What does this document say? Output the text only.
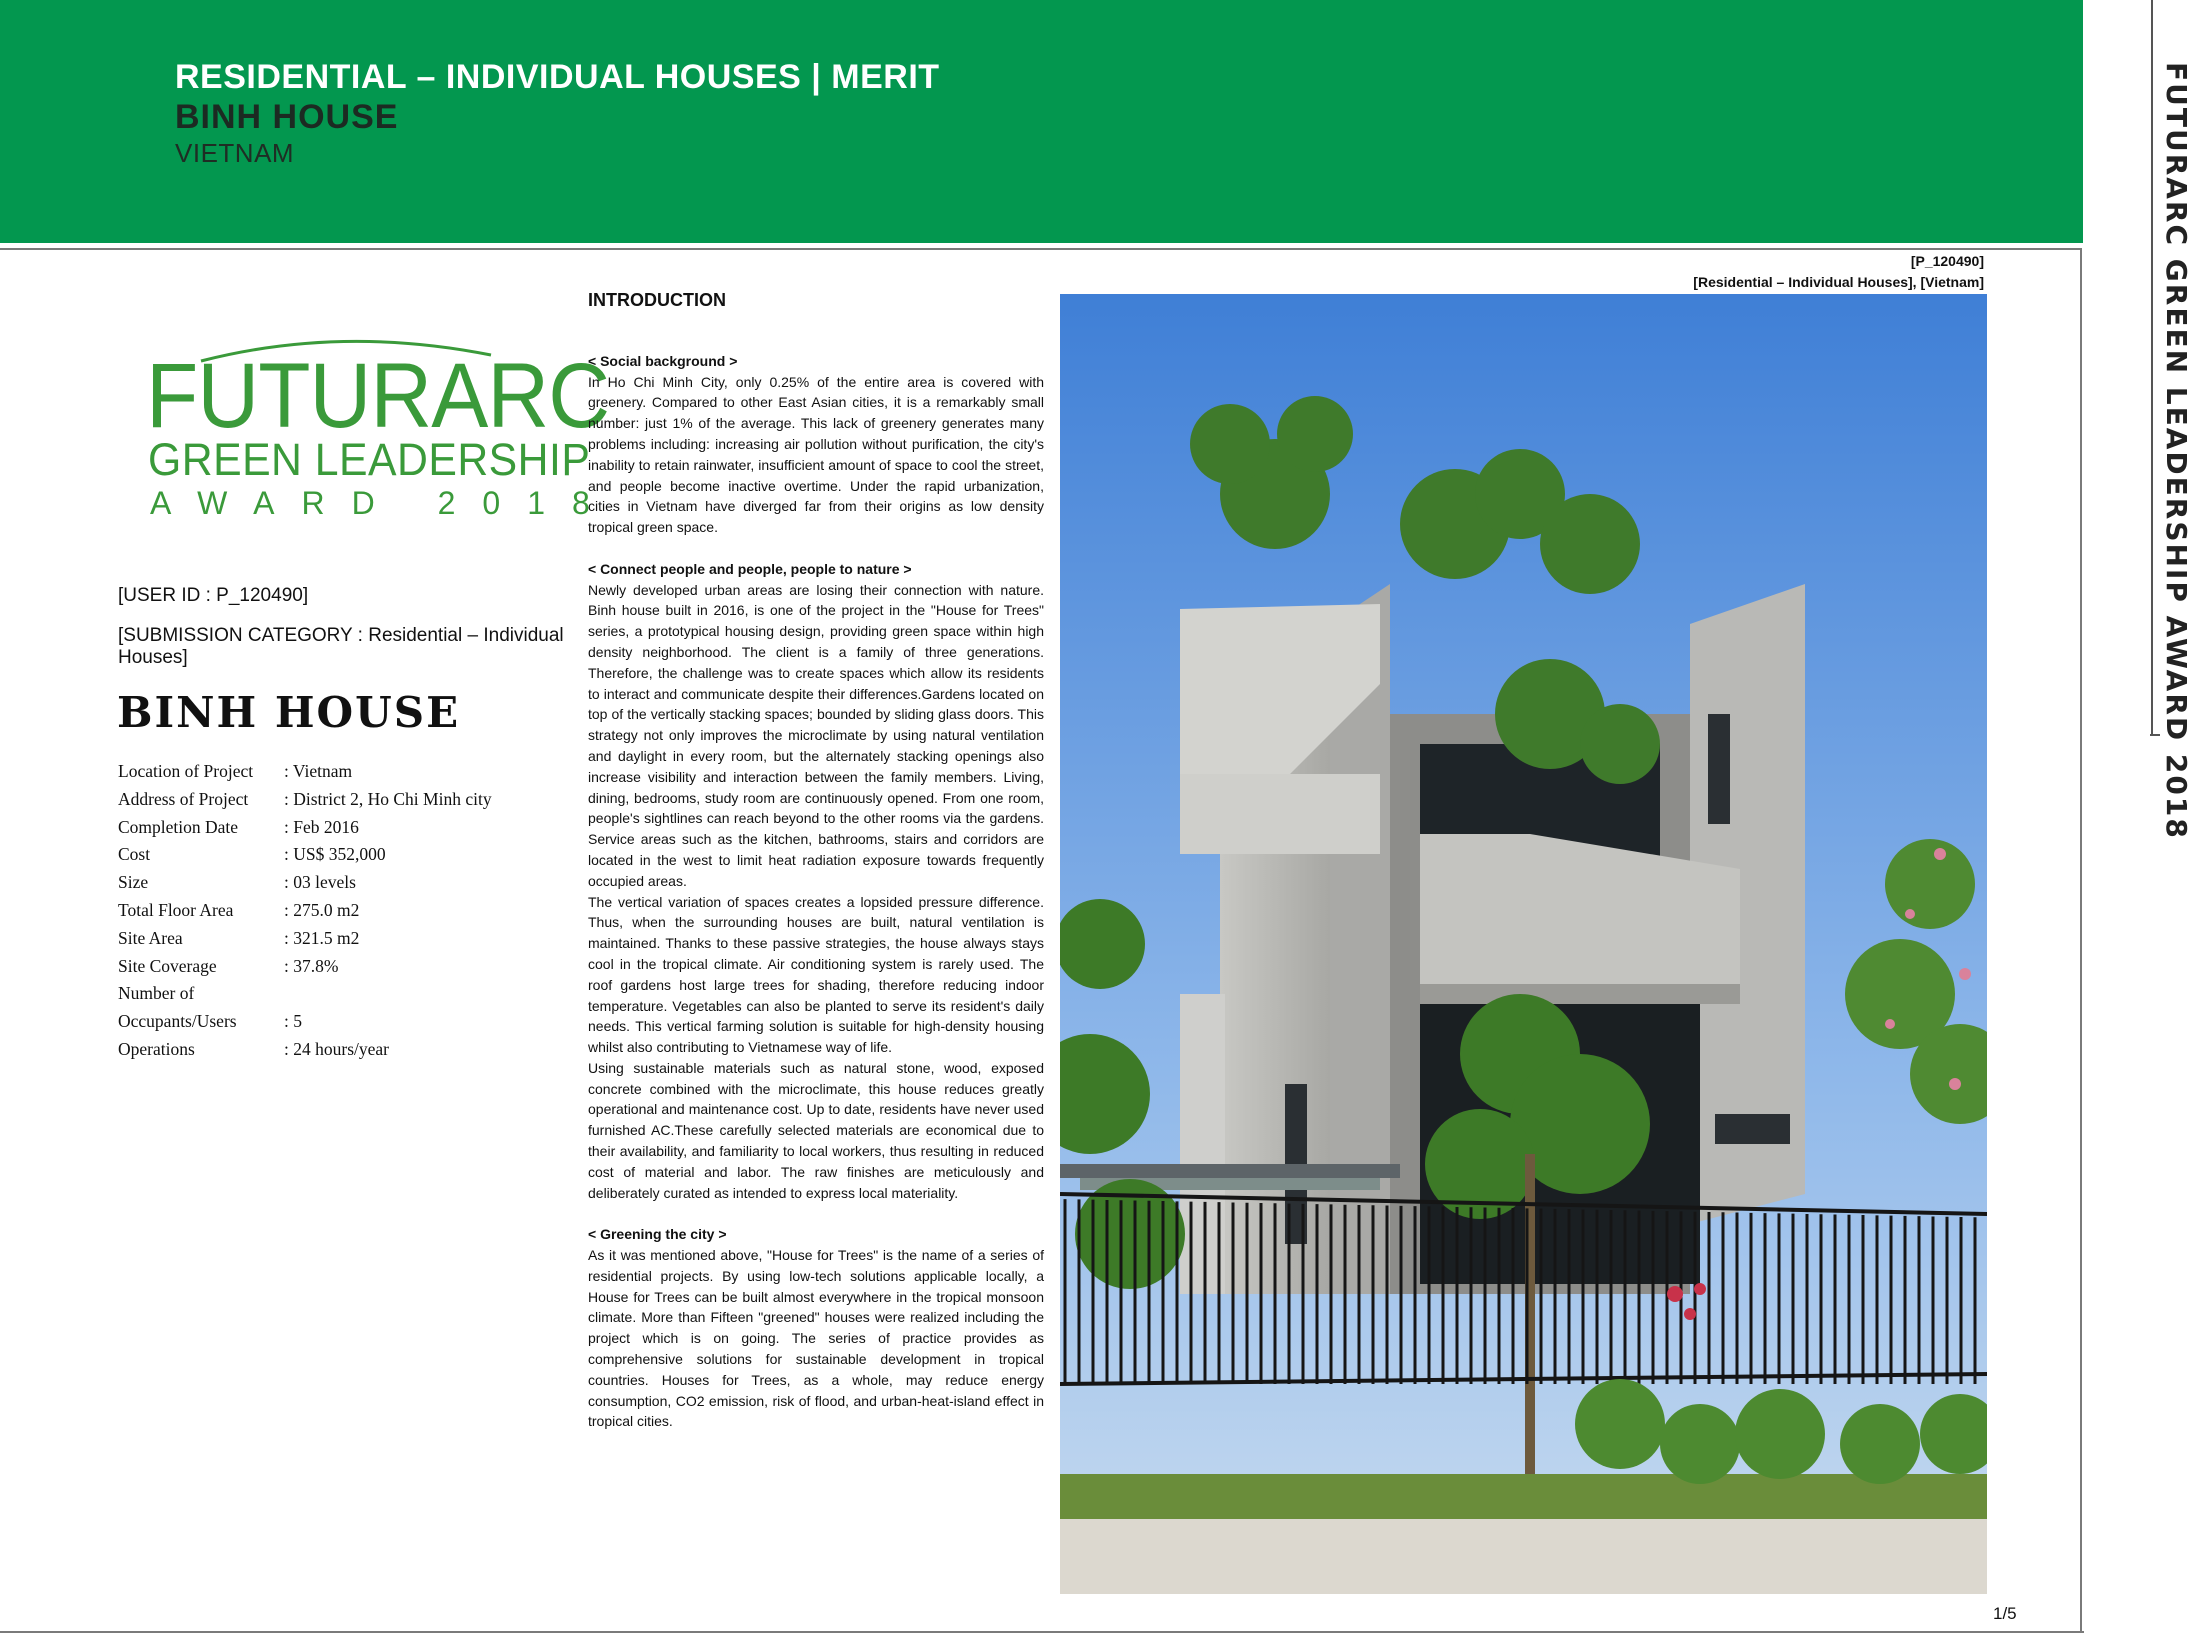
RESIDENTIAL – INDIVIDUAL HOUSES | MERIT
BINH HOUSE
VIETNAM	FUTURARC GREEN LEADERSHIP AWARD 2018
FUTURARC
GREEN LEADERSHIP
AWARD 2018
[USER ID : P_120490]
[SUBMISSION CATEGORY : Residential – Individual Houses]
BINH HOUSE
Location of Project	: Vietnam
Address of Project	: District 2, Ho Chi Minh city
Completion Date	: Feb 2016
Cost	: US$ 352,000
Size	: 03 levels
Total Floor Area	: 275.0 m2
Site Area	: 321.5 m2
Site Coverage	: 37.8%
Number of
Occupants/Users	: 5
Operations	: 24 hours/year
INTRODUCTION
< Social background >

In Ho Chi Minh City, only 0.25% of the entire area is covered with greenery. Compared to other East Asian cities, it is a remarkably small number: just 1% of the average. This lack of greenery generates many problems including: increasing air pollution without purification, the city's inability to retain rainwater, insufficient amount of space to cool the street, and people become inactive overtime. Under the rapid urbanization, cities in Vietnam have diverged far from their origins as low density tropical green space.

< Connect people and people, people to nature >

Newly developed urban areas are losing their connection with nature. Binh house built in 2016, is one of the project in the "House for Trees" series, a prototypical housing design, providing green space within high density neighborhood. The client is a family of three generations. Therefore, the challenge was to create spaces which allow its residents to interact and communicate despite their differences.Gardens located on top of the vertically stacking spaces; bounded by sliding glass doors. This strategy not only improves the microclimate by using natural ventilation and daylight in every room, but the alternately stacking openings also increase visibility and interaction between the family members. Living, dining, bedrooms, study room are continuously opened. From one room, people's sightlines can reach beyond to the other rooms via the gardens. Service areas such as the kitchen, bathrooms, stairs and corridors are located in the west to limit heat radiation exposure towards frequently occupied areas.

The vertical variation of spaces creates a lopsided pressure difference. Thus, when the surrounding houses are built, natural ventilation is maintained. Thanks to these passive strategies, the house always stays cool in the tropical climate. Air conditioning system is rarely used. The roof gardens host large trees for shading, therefore reducing indoor temperature. Vegetables can also be planted to serve its resident's daily needs. This vertical farming solution is suitable for high-density housing whilst also contributing to Vietnamese way of life.

Using sustainable materials such as natural stone, wood, exposed concrete combined with the microclimate, this house reduces greatly operational and maintenance cost. Up to date, residents have never used furnished AC.These carefully selected materials are economical due to their availability, and familiarity to local workers, thus resulting in reduced cost of material and labor. The raw finishes are meticulously and deliberately curated as intended to express local materiality.

< Greening the city >

As it was mentioned above, "House for Trees" is the name of a series of residential projects. By using low-tech solutions applicable locally, a House for Trees can be built almost everywhere in the tropical monsoon climate. More than Fifteen "greened" houses were realized including the project which is on going. The series of practice provides as comprehensive solutions for sustainable development in tropical countries. Houses for Trees, as a whole, may reduce energy consumption, CO2 emission, risk of flood, and urban-heat-island effect in tropical cities.

[P_120490]
[Residential – Individual Houses], [Vietnam]
1/5
